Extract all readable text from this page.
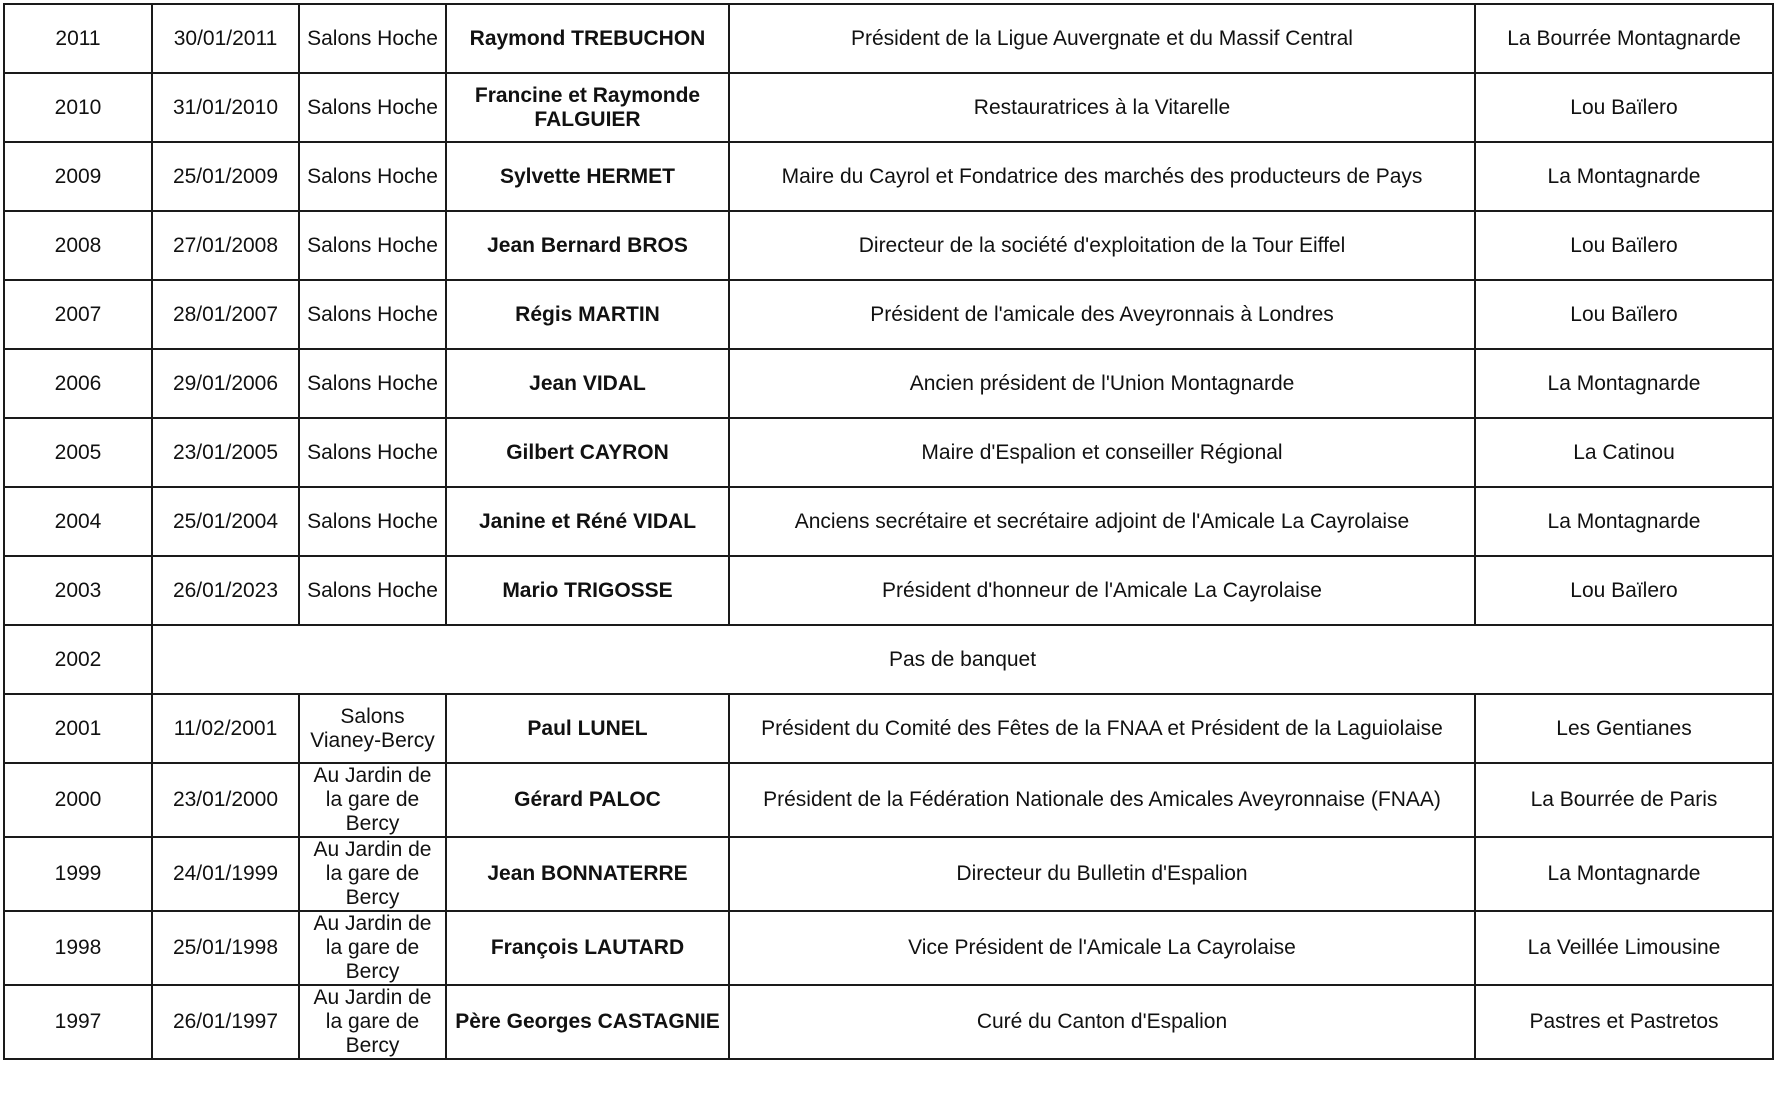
2011	30/01/2011	Salons Hoche	Raymond TREBUCHON	Président de la Ligue Auvergnate et du Massif Central	La Bourrée Montagnarde
2010	31/01/2010	Salons Hoche	Francine et Raymonde FALGUIER	Restauratrices à la Vitarelle	Lou Baïlero
2009	25/01/2009	Salons Hoche	Sylvette HERMET	Maire du Cayrol et Fondatrice des marchés des producteurs de Pays	La Montagnarde
2008	27/01/2008	Salons Hoche	Jean Bernard BROS	Directeur de la société d'exploitation de la Tour Eiffel	Lou Baïlero
2007	28/01/2007	Salons Hoche	Régis MARTIN	Président de l'amicale des Aveyronnais à Londres	Lou Baïlero
2006	29/01/2006	Salons Hoche	Jean VIDAL	Ancien président de l'Union Montagnarde	La Montagnarde
2005	23/01/2005	Salons Hoche	Gilbert CAYRON	Maire d'Espalion et conseiller Régional	La Catinou
2004	25/01/2004	Salons Hoche	Janine et Réné VIDAL	Anciens secrétaire et secrétaire adjoint de l'Amicale La Cayrolaise	La Montagnarde
2003	26/01/2023	Salons Hoche	Mario TRIGOSSE	Président d'honneur de l'Amicale La Cayrolaise	Lou Baïlero
2002	Pas de banquet				
2001	11/02/2001	Salons Vianey-Bercy	Paul LUNEL	Président du Comité des Fêtes de la FNAA et Président de la Laguiolaise	Les Gentianes
2000	23/01/2000	Au Jardin de la gare de Bercy	Gérard PALOC	Président de la Fédération Nationale des Amicales Aveyronnaise (FNAA)	La Bourrée de Paris
1999	24/01/1999	Au Jardin de la gare de Bercy	Jean BONNATERRE	Directeur du Bulletin d'Espalion	La Montagnarde
1998	25/01/1998	Au Jardin de la gare de Bercy	François LAUTARD	Vice Président de l'Amicale La Cayrolaise	La Veillée Limousine
1997	26/01/1997	Au Jardin de la gare de Bercy	Père Georges CASTAGNIE	Curé du Canton d'Espalion	Pastres et Pastretos
